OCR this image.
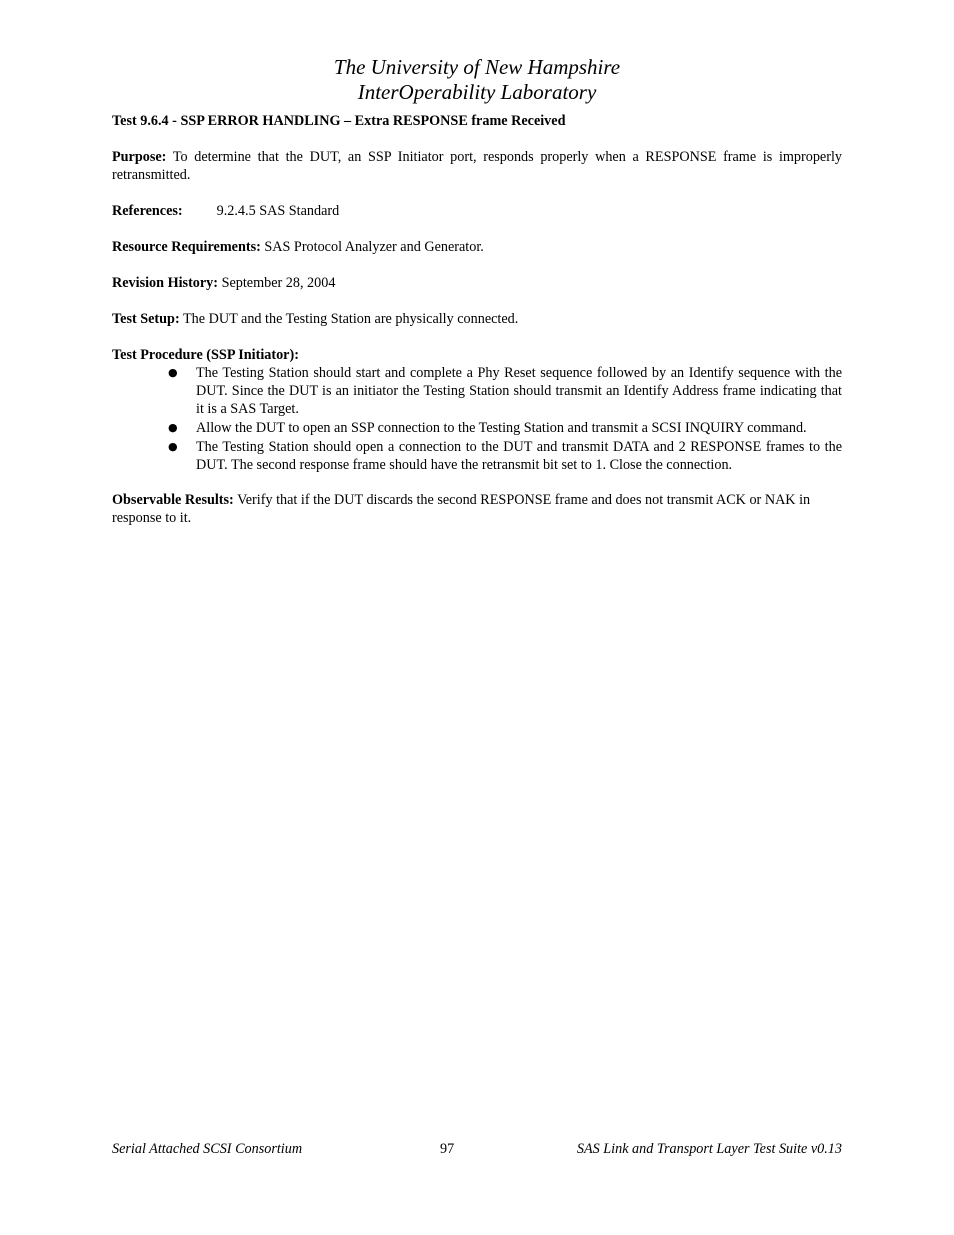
The University of New Hampshire
InterOperability Laboratory
Test 9.6.4 - SSP ERROR HANDLING – Extra RESPONSE frame Received
Purpose: To determine that the DUT, an SSP Initiator port, responds properly when a RESPONSE frame is improperly retransmitted.
References: 9.2.4.5 SAS Standard
Resource Requirements: SAS Protocol Analyzer and Generator.
Revision History: September 28, 2004
Test Setup: The DUT and the Testing Station are physically connected.
Test Procedure (SSP Initiator):
● The Testing Station should start and complete a Phy Reset sequence followed by an Identify sequence with the DUT. Since the DUT is an initiator the Testing Station should transmit an Identify Address frame indicating that it is a SAS Target.
● Allow the DUT to open an SSP connection to the Testing Station and transmit a SCSI INQUIRY command.
● The Testing Station should open a connection to the DUT and transmit DATA and 2 RESPONSE frames to the DUT. The second response frame should have the retransmit bit set to 1. Close the connection.
Observable Results: Verify that if the DUT discards the second RESPONSE frame and does not transmit ACK or NAK in response to it.
Serial Attached SCSI Consortium	97	SAS Link and Transport Layer Test Suite v0.13
